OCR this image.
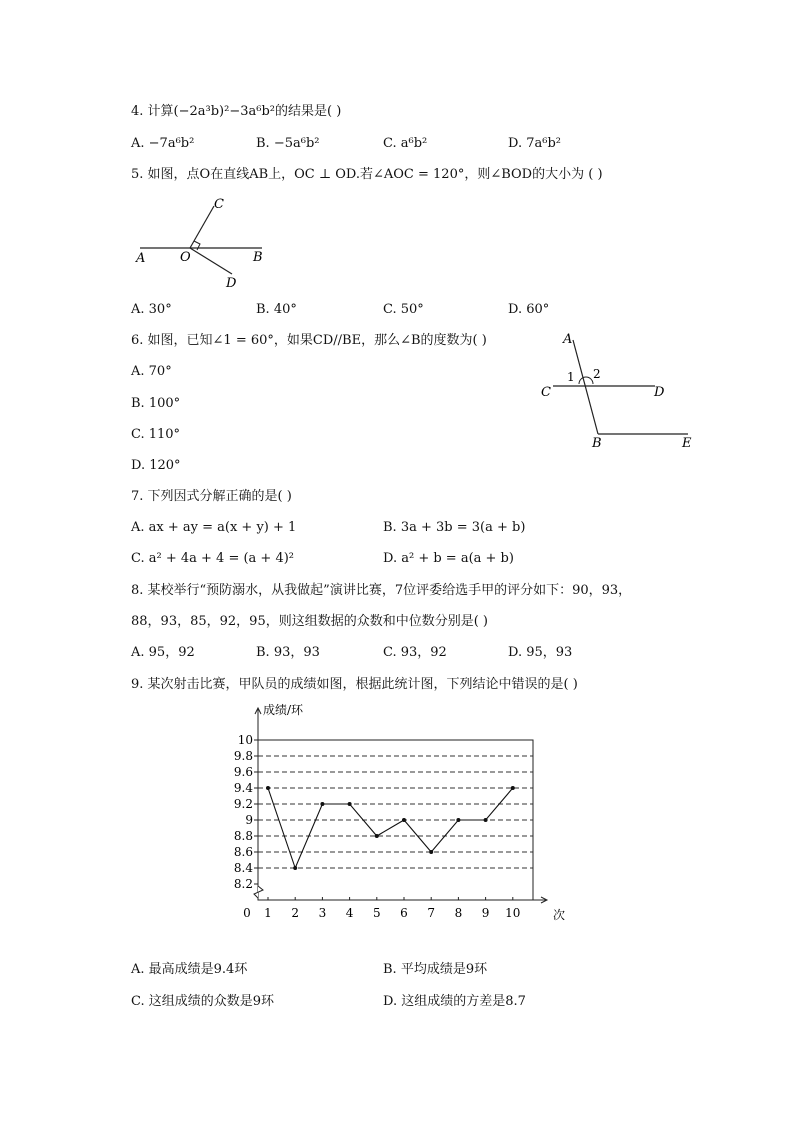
4. 计算(−2a³b)²−3a⁶b²的结果是( )
A. −7a⁶b²	B. −5a⁶b²	C. a⁶b²	D. 7a⁶b²
5. 如图，点O在直线AB上，OC ⊥ OD.若∠AOC = 120°，则∠BOD的大小为 ( )
A	O	B
C
D
A. 30°	B. 40°	C. 50°	D. 60°
6. 如图，已知∠1 = 60°，如果CD//BE，那么∠B的度数为( )
A. 70°
B. 100°
C. 110°
D. 120°
A
C	D
B	E
1 2
7. 下列因式分解正确的是( )
A. ax + ay = a(x + y) + 1	B. 3a + 3b = 3(a + b)
C. a² + 4a + 4 = (a + 4)²	D. a² + b = a(a + b)
8. 某校举行“预防溺水，从我做起”演讲比赛，7位评委给选手甲的评分如下：90，93，
88，93，85，92，95，则这组数据的众数和中位数分别是( )
A. 95，92	B. 93，93	C. 93，92	D. 95，93
9. 某次射击比赛，甲队员的成绩如图，根据此统计图，下列结论中错误的是( )
8.2
8.4
8.6
8.8
9
9.2
9.4
9.6
9.8
10
1 2 3 4 5 6 7 8 9 10
0
成绩/环
次
A. 最高成绩是9.4环	B. 平均成绩是9环
C. 这组成绩的众数是9环	D. 这组成绩的方差是8.7
